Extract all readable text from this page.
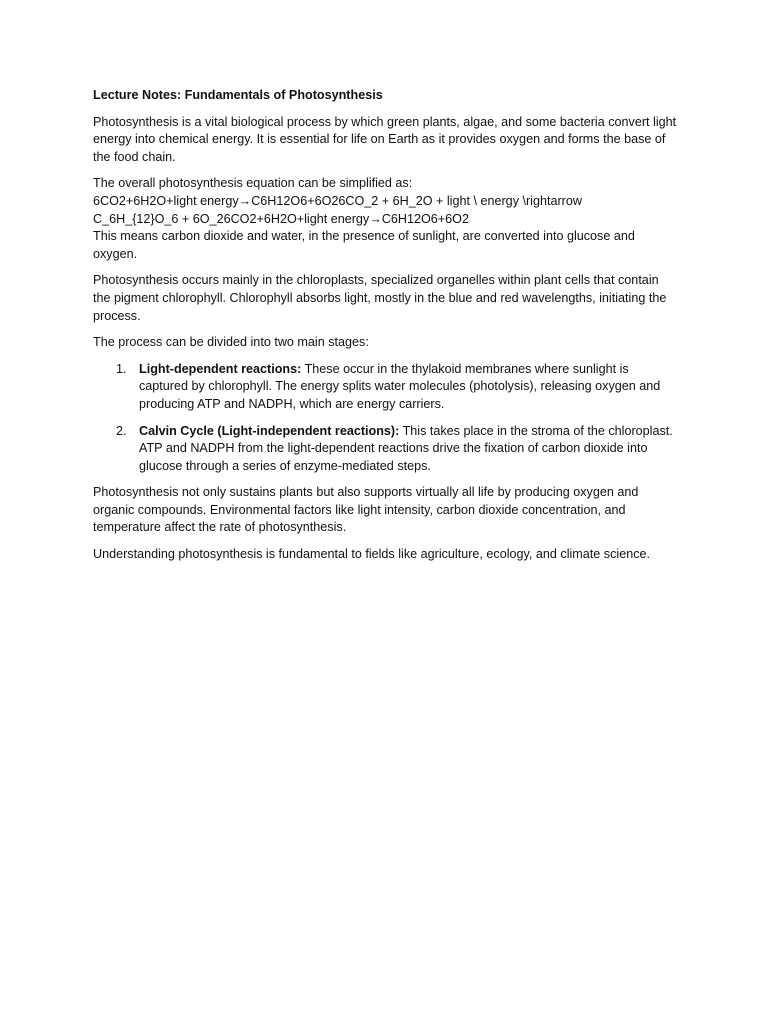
Lecture Notes: Fundamentals of Photosynthesis

Photosynthesis is a vital biological process by which green plants, algae, and some bacteria convert light energy into chemical energy. It is essential for life on Earth as it provides oxygen and forms the base of the food chain.

The overall photosynthesis equation can be simplified as:
6CO2+6H2O+light energy→C6H12O6+6O26CO_2 + 6H_2O + light \ energy \rightarrow
C_6H_{12}O_6 + 6O_26CO2+6H2O+light energy→C6H12O6+6O2
This means carbon dioxide and water, in the presence of sunlight, are converted into glucose and oxygen.

Photosynthesis occurs mainly in the chloroplasts, specialized organelles within plant cells that contain the pigment chlorophyll. Chlorophyll absorbs light, mostly in the blue and red wavelengths, initiating the process.

The process can be divided into two main stages:

1. Light-dependent reactions: These occur in the thylakoid membranes where sunlight is captured by chlorophyll. The energy splits water molecules (photolysis), releasing oxygen and producing ATP and NADPH, which are energy carriers.
2. Calvin Cycle (Light-independent reactions): This takes place in the stroma of the chloroplast. ATP and NADPH from the light-dependent reactions drive the fixation of carbon dioxide into glucose through a series of enzyme-mediated steps.

Photosynthesis not only sustains plants but also supports virtually all life by producing oxygen and organic compounds. Environmental factors like light intensity, carbon dioxide concentration, and temperature affect the rate of photosynthesis.

Understanding photosynthesis is fundamental to fields like agriculture, ecology, and climate science.
